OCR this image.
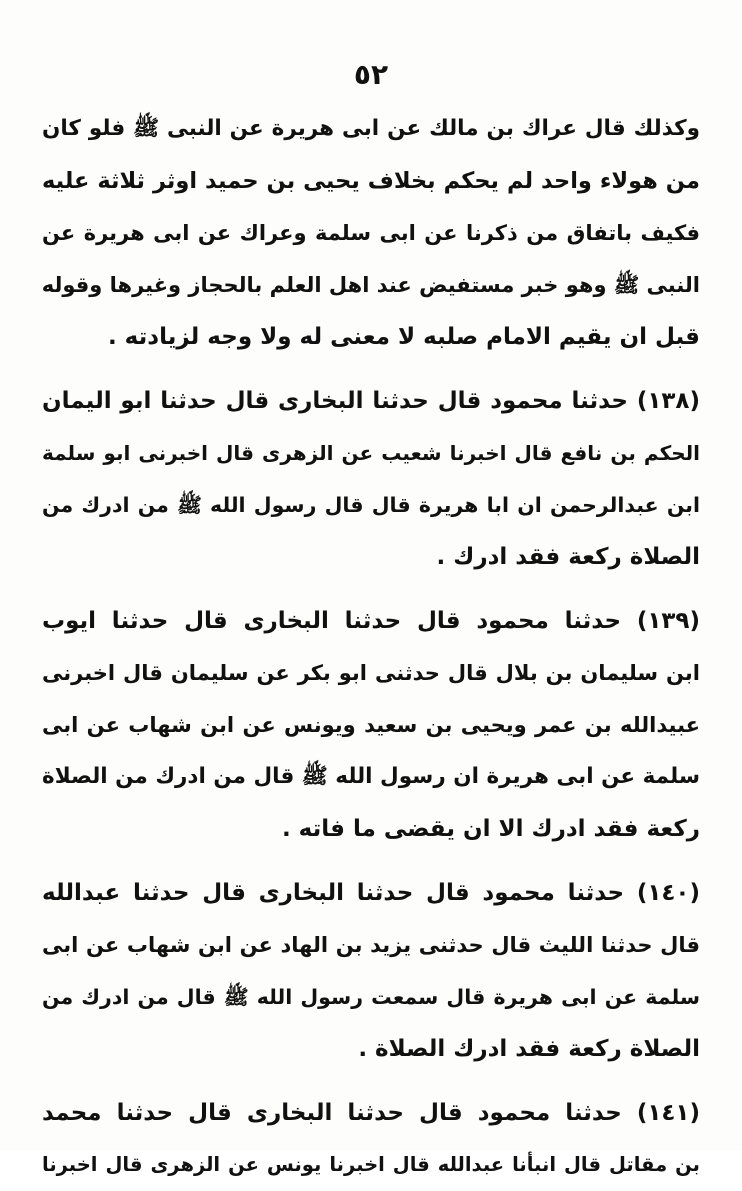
٥٢
وكذلك قال عراك بن مالك عن ابى هريرة عن النبى ﷺ فلو كان
من هولاء واحد لم يحكم بخلاف يحيى بن حميد اوثر ثلاثة عليه
فكيف باتفاق من ذكرنا عن ابى سلمة وعراك عن ابى هريرة عن
النبى ﷺ وهو خبر مستفيض عند اهل العلم بالحجاز وغيرها وقوله
قبل ان يقيم الامام صلبه لا معنى له ولا وجه لزيادته .
(١٣٨) حدثنا محمود قال حدثنا البخارى قال حدثنا ابو اليمان
الحكم بن نافع قال اخبرنا شعيب عن الزهرى قال اخبرنى ابو سلمة
ابن عبدالرحمن ان ابا هريرة قال قال رسول الله ﷺ من ادرك من
الصلاة ركعة فقد ادرك .
(١٣٩) حدثنا محمود قال حدثنا البخارى قال حدثنا ايوب
ابن سليمان بن بلال قال حدثنى ابو بكر عن سليمان قال اخبرنى
عبيدالله بن عمر ويحيى بن سعيد ويونس عن ابن شهاب عن ابى
سلمة عن ابى هريرة ان رسول الله ﷺ قال من ادرك من الصلاة
ركعة فقد ادرك الا ان يقضى ما فاته .
(١٤٠) حدثنا محمود قال حدثنا البخارى قال حدثنا عبدالله
قال حدثنا الليث قال حدثنى يزيد بن الهاد عن ابن شهاب عن ابى
سلمة عن ابى هريرة قال سمعت رسول الله ﷺ قال من ادرك من
الصلاة ركعة فقد ادرك الصلاة .
(١٤١) حدثنا محمود قال حدثنا البخارى قال حدثنا محمد
بن مقاتل قال انبأنا عبدالله قال اخبرنا يونس عن الزهرى قال اخبرنا
